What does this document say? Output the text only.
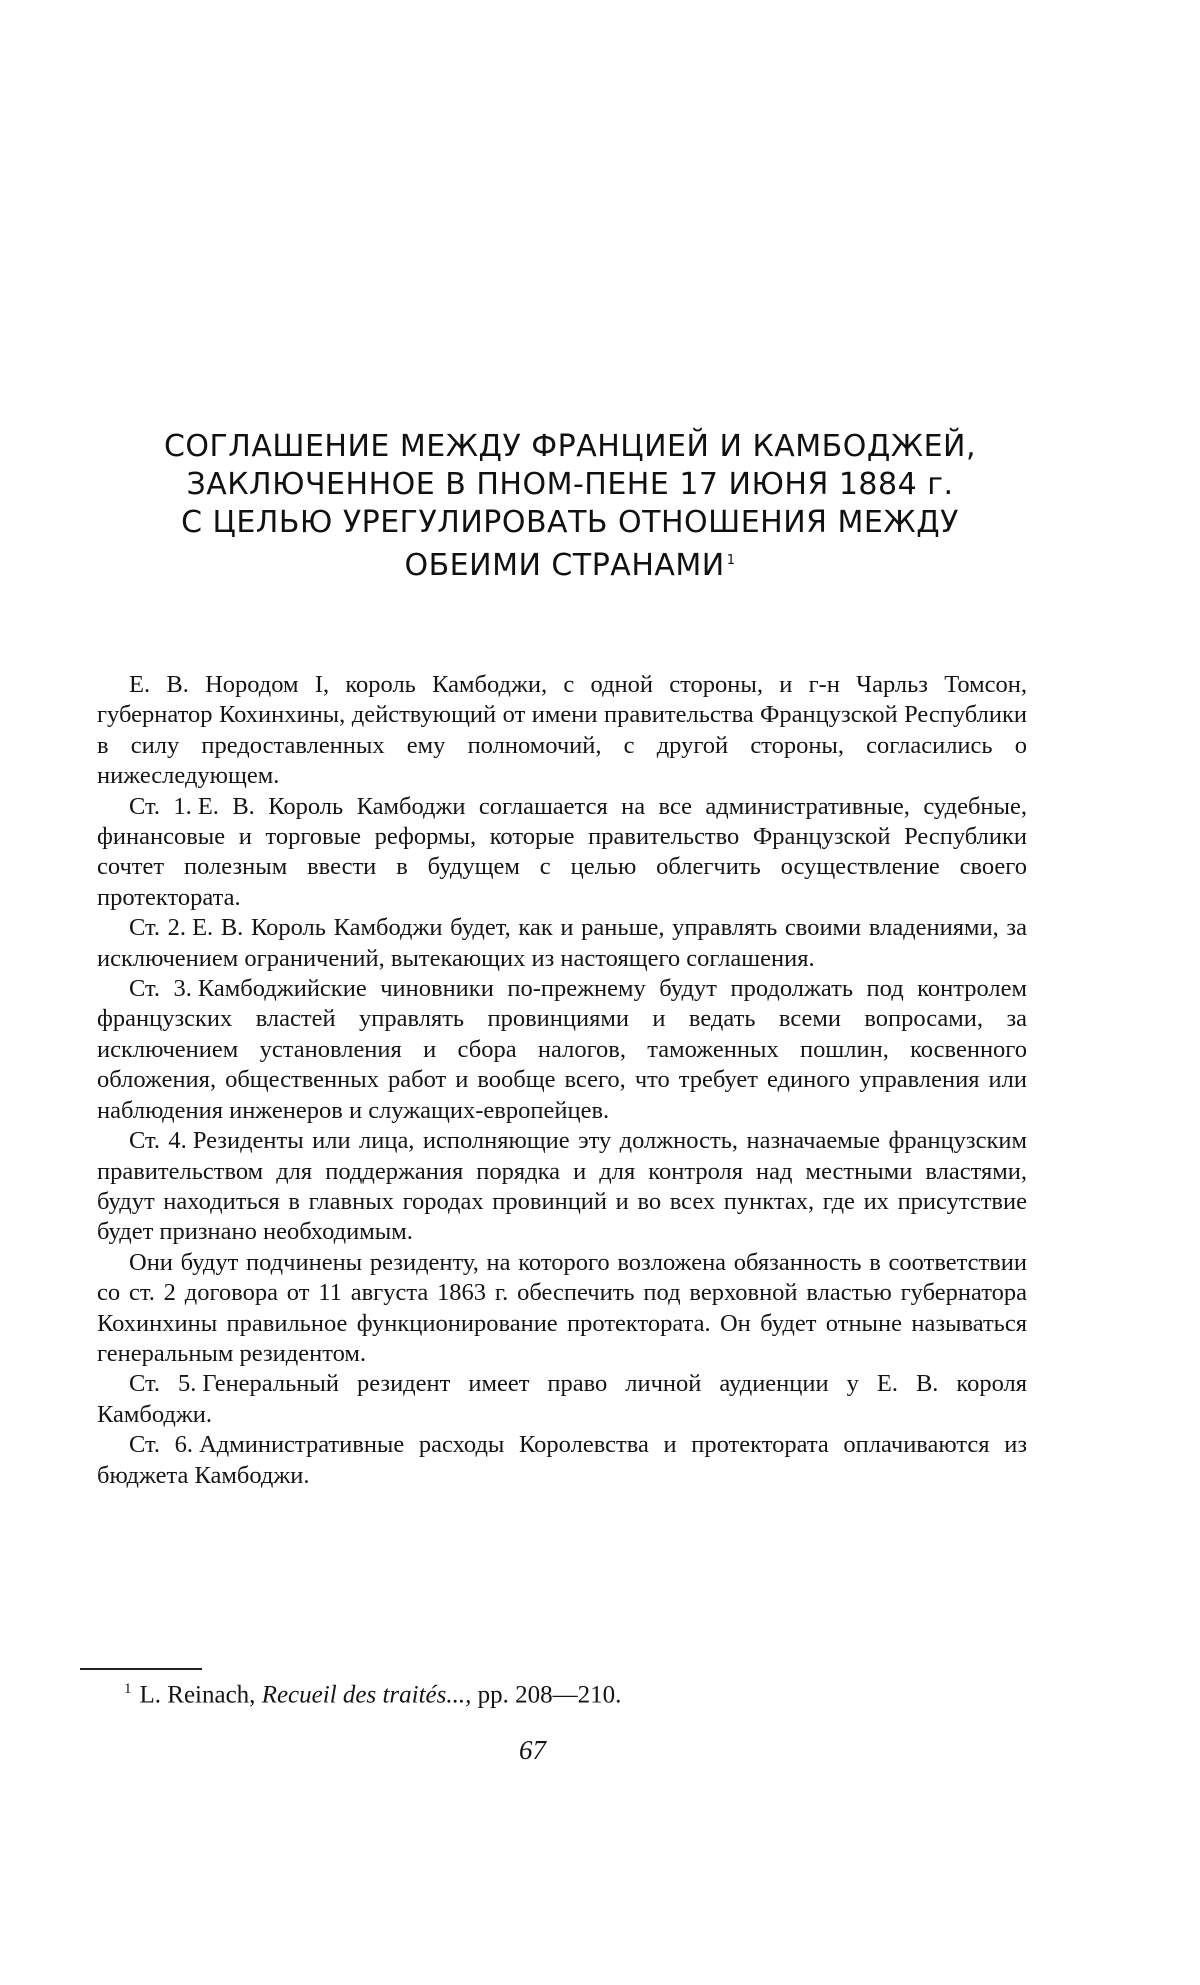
СОГЛАШЕНИЕ МЕЖДУ ФРАНЦИЕЙ И КАМБОДЖЕЙ,
ЗАКЛЮЧЕННОЕ В ПНОМ-ПЕНЕ 17 ИЮНЯ 1884 г.
С ЦЕЛЬЮ УРЕГУЛИРОВАТЬ ОТНОШЕНИЯ МЕЖДУ
ОБЕИМИ СТРАНАМИ $^1$

Е. В. Нородом I, король Камбоджи, с одной стороны, и г-н Чарльз Томсон, губернатор Кохинхины, действующий от имени правительства Французской Республики в силу предоставленных ему полномочий, с другой стороны, согласились о нижеследующем.

Ст. 1. Е. В. Король Камбоджи соглашается на все административные, судебные, финансовые и торговые реформы, которые правительство Французской Республики сочтет полезным ввести в будущем с целью облегчить осуществление своего протектората.

Ст. 2. Е. В. Король Камбоджи будет, как и раньше, управлять своими владениями, за исключением ограничений, вытекающих из настоящего соглашения.

Ст. 3. Камбоджийские чиновники по-прежнему будут продолжать под контролем французских властей управлять провинциями и ведать всеми вопросами, за исключением установления и сбора налогов, таможенных пошлин, косвенного обложения, общественных работ и вообще всего, что требует единого управления или наблюдения инженеров и служащих-европейцев.

Ст. 4. Резиденты или лица, исполняющие эту должность, назначаемые французским правительством для поддержания порядка и для контроля над местными властями, будут находиться в главных городах провинций и во всех пунктах, где их присутствие будет признано необходимым.

Они будут подчинены резиденту, на которого возложена обязанность в соответствии со ст. 2 договора от 11 августа 1863 г. обеспечить под верховной властью губернатора Кохинхины правильное функционирование протектората. Он будет отныне называться генеральным резидентом.

Ст. 5. Генеральный резидент имеет право личной аудиенции у Е. В. короля Камбоджи.

Ст. 6. Административные расходы Королевства и протектората оплачиваются из бюджета Камбоджи.

$^1$ L. Reinach, Recueil des traités..., pp. 208—210.
67
